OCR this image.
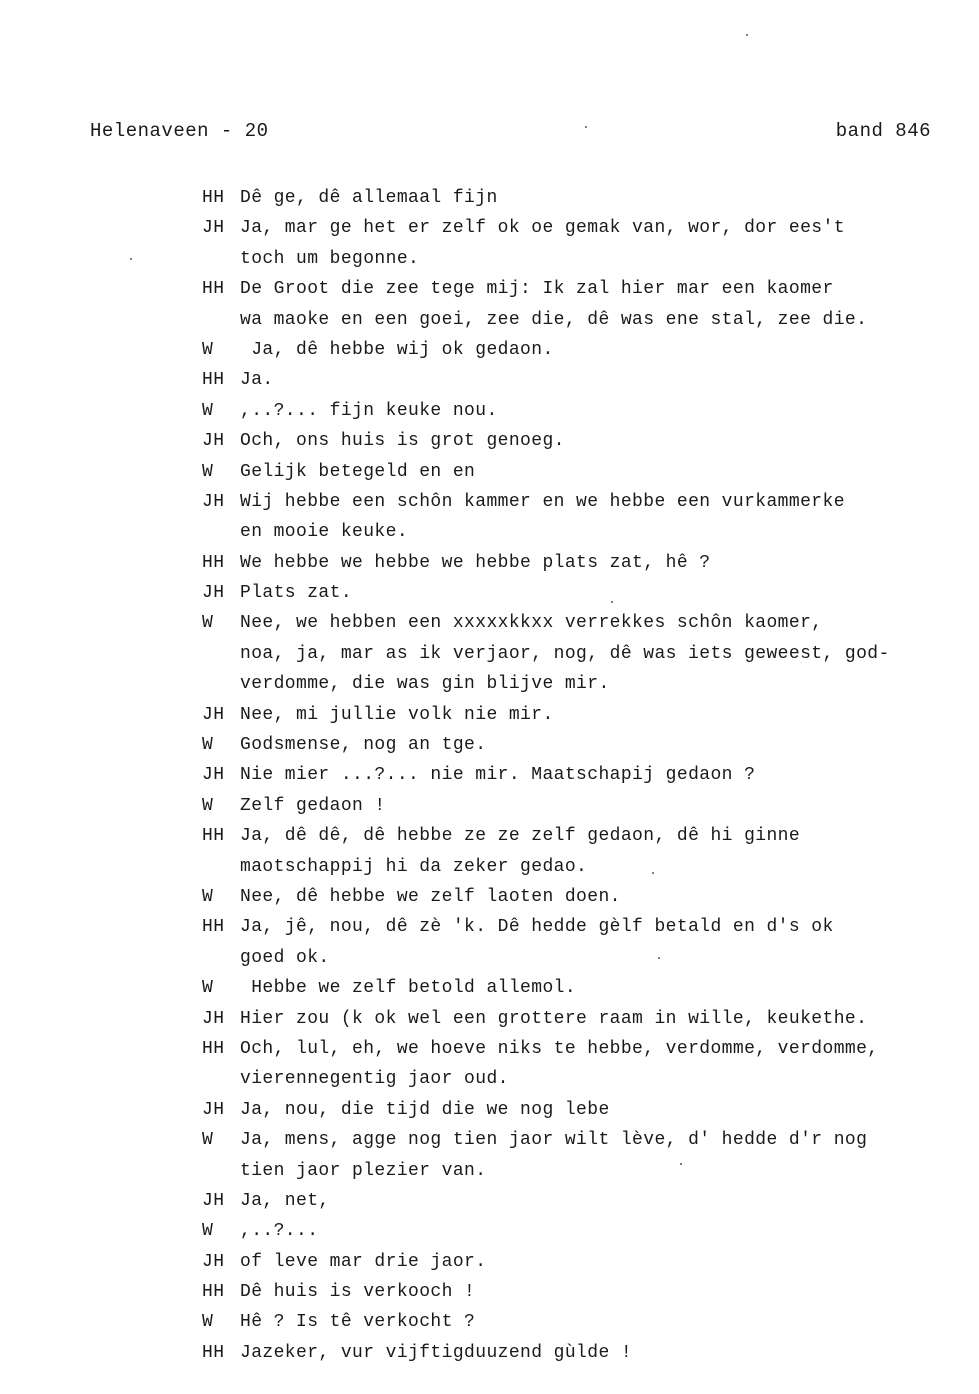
Helenaveen - 20	band 846
HH Dê ge, dê allemaal fijn
JH Ja, mar ge het er zelf ok oe gemak van, wor, dor ees't
toch um begonne.
HH De Groot die zee tege mij: Ik zal hier mar een kaomer
wa maoke en een goei, zee die, dê was ene stal, zee die.
W Ja, dê hebbe wij ok gedaon.
HH Ja.
W ,..?... fijn keuke nou.
JH Och, ons huis is grot genoeg.
W Gelijk betegeld en en
JH Wij hebbe een schôn kammer en we hebbe een vurkammerke
en mooie keuke.
HH We hebbe we hebbe we hebbe plats zat, hê ?
JH Plats zat.
W Nee, we hebben een xxxxxkkxx verrekkes schôn kaomer,
noa, ja, mar as ik verjaor, nog, dê was iets geweest, god-
verdomme, die was gin blijve mir.
JH Nee, mi jullie volk nie mir.
W Godsmense, nog an tge.
JH Nie mier ...?... nie mir. Maatschapij gedaon ?
W Zelf gedaon !
HH Ja, dê dê, dê hebbe ze ze zelf gedaon, dê hi ginne
maotschappij hi da zeker gedao.
W Nee, dê hebbe we zelf laoten doen.
HH Ja, jê, nou, dê zè 'k. Dê hedde gèlf betald en d's ok
goed ok.
W Hebbe we zelf betold allemol.
JH Hier zou (k ok wel een grottere raam in wille, keukethe.
HH Och, lul, eh, we hoeve niks te hebbe, verdomme, verdomme,
vierennegentig jaor oud.
JH Ja, nou, die tijd die we nog lebe
W Ja, mens, agge nog tien jaor wilt lève, d' hedde d'r nog
tien jaor plezier van.
JH Ja, net,
W ,..?...
JH of leve mar drie jaor.
HH Dê huis is verkooch !
W Hê ? Is tê verkocht ?
HH Jazeker, vur vijftigduuzend gùlde !
